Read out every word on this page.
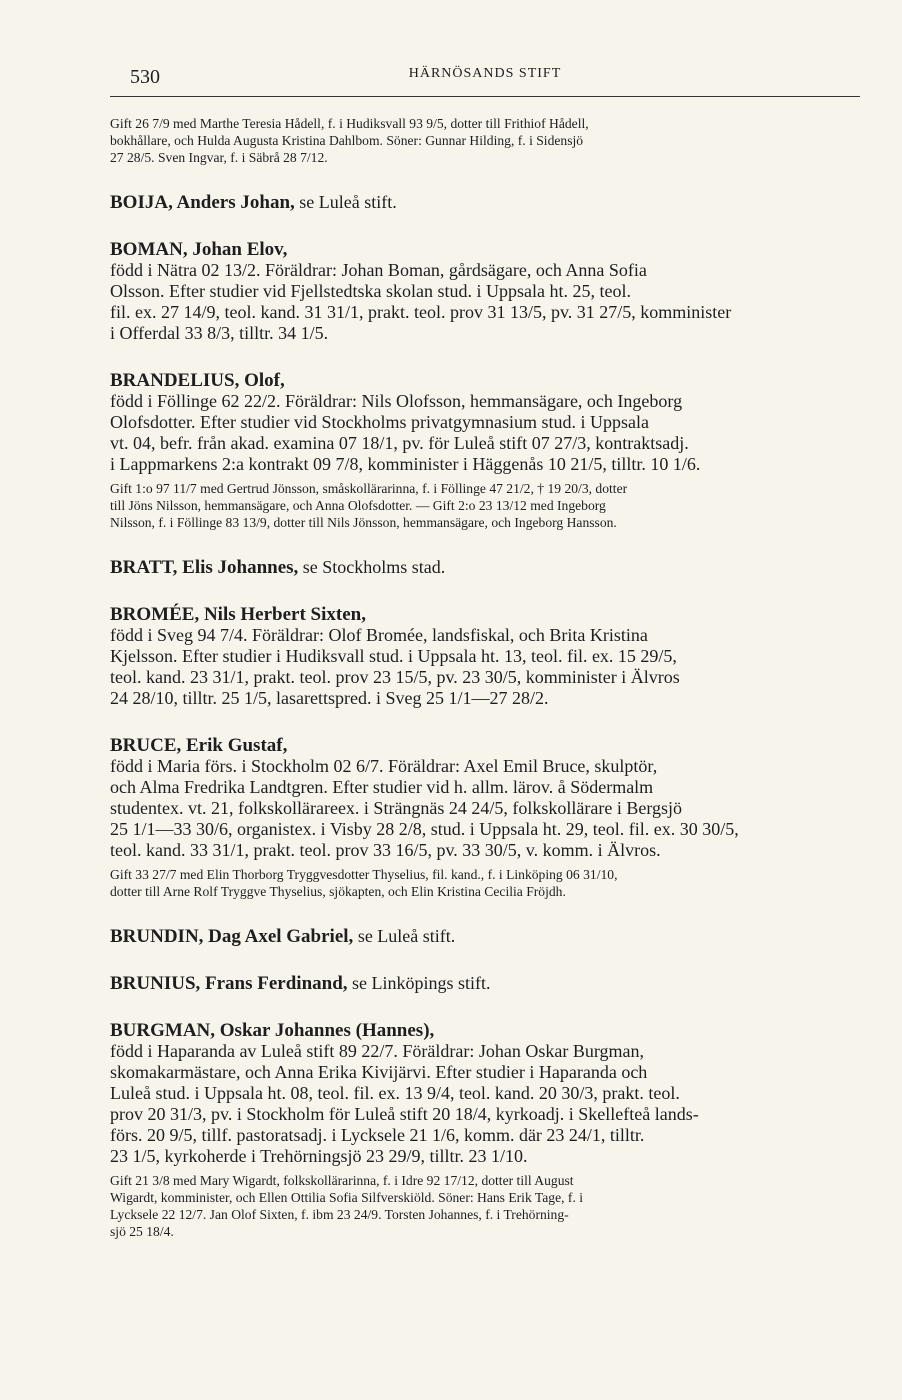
530	HÄRNÖSANDS STIFT
Gift 26 7/9 med Marthe Teresia Hådell, f. i Hudiksvall 93 9/5, dotter till Frithiof Hådell,
bokhållare, och Hulda Augusta Kristina Dahlbom. Söner: Gunnar Hilding, f. i Sidensjö
27 28/5. Sven Ingvar, f. i Säbrå 28 7/12.
BOIJA, Anders Johan, se Luleå stift.
BOMAN, Johan Elov,
född i Nätra 02 13/2. Föräldrar: Johan Boman, gårdsägare, och Anna Sofia
Olsson. Efter studier vid Fjellstedtska skolan stud. i Uppsala ht. 25, teol.
fil. ex. 27 14/9, teol. kand. 31 31/1, prakt. teol. prov 31 13/5, pv. 31 27/5, komminister
i Offerdal 33 8/3, tilltr. 34 1/5.
BRANDELIUS, Olof,
född i Föllinge 62 22/2. Föräldrar: Nils Olofsson, hemmansägare, och Ingeborg
Olofsdotter. Efter studier vid Stockholms privatgymnasium stud. i Uppsala
vt. 04, befr. från akad. examina 07 18/1, pv. för Luleå stift 07 27/3, kontraktsadj.
i Lappmarkens 2:a kontrakt 09 7/8, komminister i Häggenås 10 21/5, tilltr. 10 1/6.
Gift 1:o 97 11/7 med Gertrud Jönsson, småskollärarinna, f. i Föllinge 47 21/2, † 19 20/3, dotter
till Jöns Nilsson, hemmansägare, och Anna Olofsdotter. — Gift 2:o 23 13/12 med Ingeborg
Nilsson, f. i Föllinge 83 13/9, dotter till Nils Jönsson, hemmansägare, och Ingeborg Hansson.
BRATT, Elis Johannes, se Stockholms stad.
BROMÉE, Nils Herbert Sixten,
född i Sveg 94 7/4. Föräldrar: Olof Bromée, landsfiskal, och Brita Kristina
Kjelsson. Efter studier i Hudiksvall stud. i Uppsala ht. 13, teol. fil. ex. 15 29/5,
teol. kand. 23 31/1, prakt. teol. prov 23 15/5, pv. 23 30/5, komminister i Älvros
24 28/10, tilltr. 25 1/5, lasarettspred. i Sveg 25 1/1—27 28/2.
BRUCE, Erik Gustaf,
född i Maria förs. i Stockholm 02 6/7. Föräldrar: Axel Emil Bruce, skulptör,
och Alma Fredrika Landtgren. Efter studier vid h. allm. lärov. å Södermalm
studentex. vt. 21, folkskollärareex. i Strängnäs 24 24/5, folkskollärare i Bergsjö
25 1/1—33 30/6, organistex. i Visby 28 2/8, stud. i Uppsala ht. 29, teol. fil. ex. 30 30/5,
teol. kand. 33 31/1, prakt. teol. prov 33 16/5, pv. 33 30/5, v. komm. i Älvros.
Gift 33 27/7 med Elin Thorborg Tryggvesdotter Thyselius, fil. kand., f. i Linköping 06 31/10,
dotter till Arne Rolf Tryggve Thyselius, sjökapten, och Elin Kristina Cecilia Fröjdh.
BRUNDIN, Dag Axel Gabriel, se Luleå stift.
BRUNIUS, Frans Ferdinand, se Linköpings stift.
BURGMAN, Oskar Johannes (Hannes),
född i Haparanda av Luleå stift 89 22/7. Föräldrar: Johan Oskar Burgman,
skomakarmästare, och Anna Erika Kivijärvi. Efter studier i Haparanda och
Luleå stud. i Uppsala ht. 08, teol. fil. ex. 13 9/4, teol. kand. 20 30/3, prakt. teol.
prov 20 31/3, pv. i Stockholm för Luleå stift 20 18/4, kyrkoadj. i Skellefteå lands-
förs. 20 9/5, tillf. pastoratsadj. i Lycksele 21 1/6, komm. där 23 24/1, tilltr.
23 1/5, kyrkoherde i Trehörningsjö 23 29/9, tilltr. 23 1/10.
Gift 21 3/8 med Mary Wigardt, folkskollärarinna, f. i Idre 92 17/12, dotter till August
Wigardt, komminister, och Ellen Ottilia Sofia Silfverskiöld. Söner: Hans Erik Tage, f. i
Lycksele 22 12/7. Jan Olof Sixten, f. ibm 23 24/9. Torsten Johannes, f. i Trehörning-
sjö 25 18/4.
